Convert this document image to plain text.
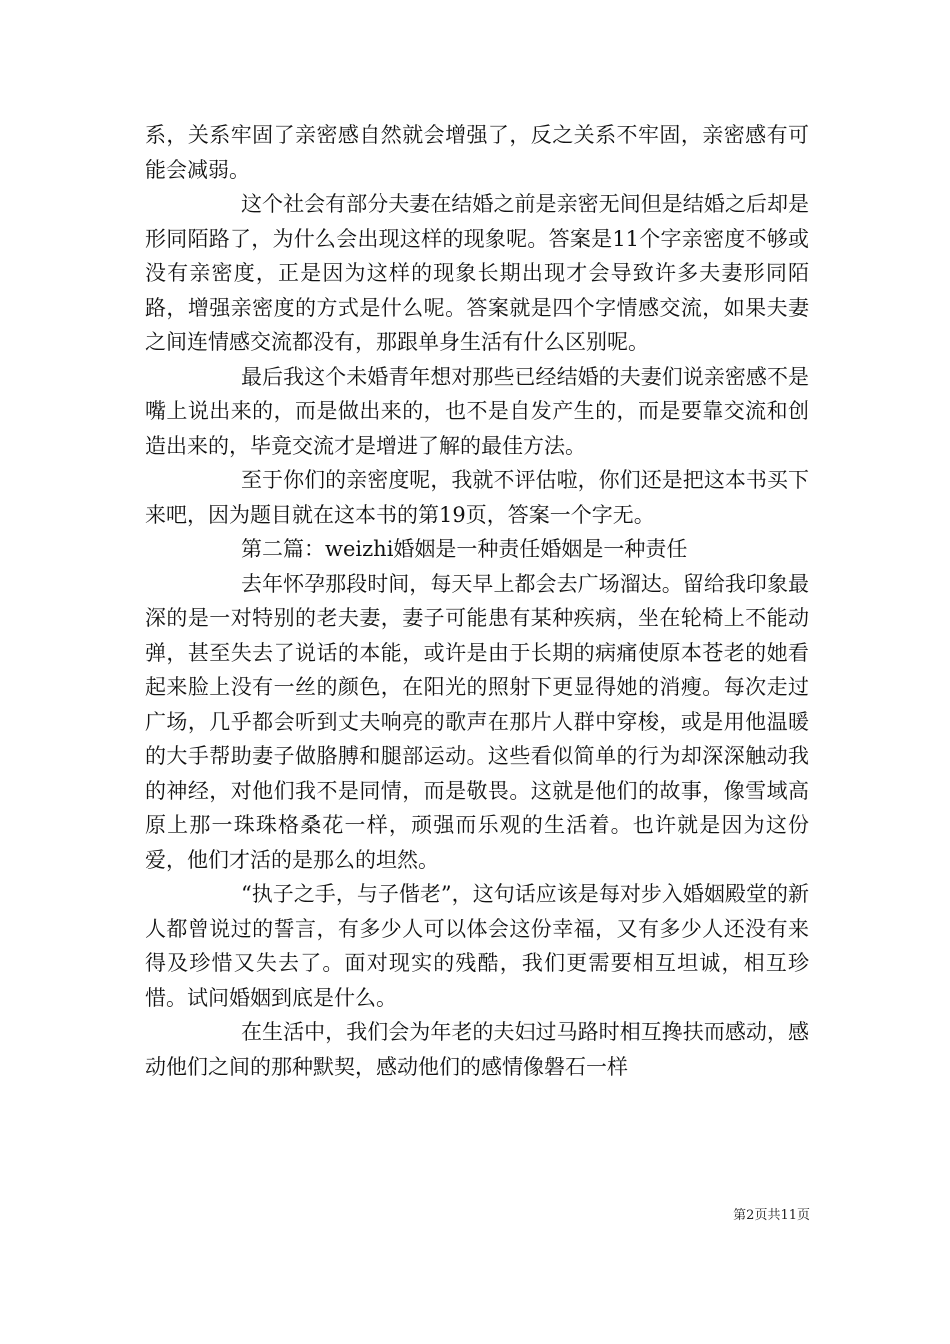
系，关系牢固了亲密感自然就会增强了，反之关系不牢固，亲密感有可能会减弱。

这个社会有部分夫妻在结婚之前是亲密无间但是结婚之后却是形同陌路了，为什么会出现这样的现象呢。答案是11个字亲密度不够或没有亲密度，正是因为这样的现象长期出现才会导致许多夫妻形同陌路，增强亲密度的方式是什么呢。答案就是四个字情感交流，如果夫妻之间连情感交流都没有，那跟单身生活有什么区别呢。

最后我这个未婚青年想对那些已经结婚的夫妻们说亲密感不是嘴上说出来的，而是做出来的，也不是自发产生的，而是要靠交流和创造出来的，毕竟交流才是增进了解的最佳方法。

至于你们的亲密度呢，我就不评估啦，你们还是把这本书买下来吧，因为题目就在这本书的第19页，答案一个字无。

第二篇：weizhi婚姻是一种责任婚姻是一种责任

去年怀孕那段时间，每天早上都会去广场溜达。留给我印象最深的是一对特别的老夫妻，妻子可能患有某种疾病，坐在轮椅上不能动弹，甚至失去了说话的本能，或许是由于长期的病痛使原本苍老的她看起来脸上没有一丝的颜色，在阳光的照射下更显得她的消瘦。每次走过广场，几乎都会听到丈夫响亮的歌声在那片人群中穿梭，或是用他温暖的大手帮助妻子做胳膊和腿部运动。这些看似简单的行为却深深触动我的神经，对他们我不是同情，而是敬畏。这就是他们的故事，像雪域高原上那一珠珠格桑花一样，顽强而乐观的生活着。也许就是因为这份爱，他们才活的是那么的坦然。

“执子之手，与子偕老”，这句话应该是每对步入婚姻殿堂的新人都曾说过的誓言，有多少人可以体会这份幸福，又有多少人还没有来得及珍惜又失去了。面对现实的残酷，我们更需要相互坦诚，相互珍惜。试问婚姻到底是什么。

在生活中，我们会为年老的夫妇过马路时相互搀扶而感动，感动他们之间的那种默契，感动他们的感情像磐石一样

第2页共11页
